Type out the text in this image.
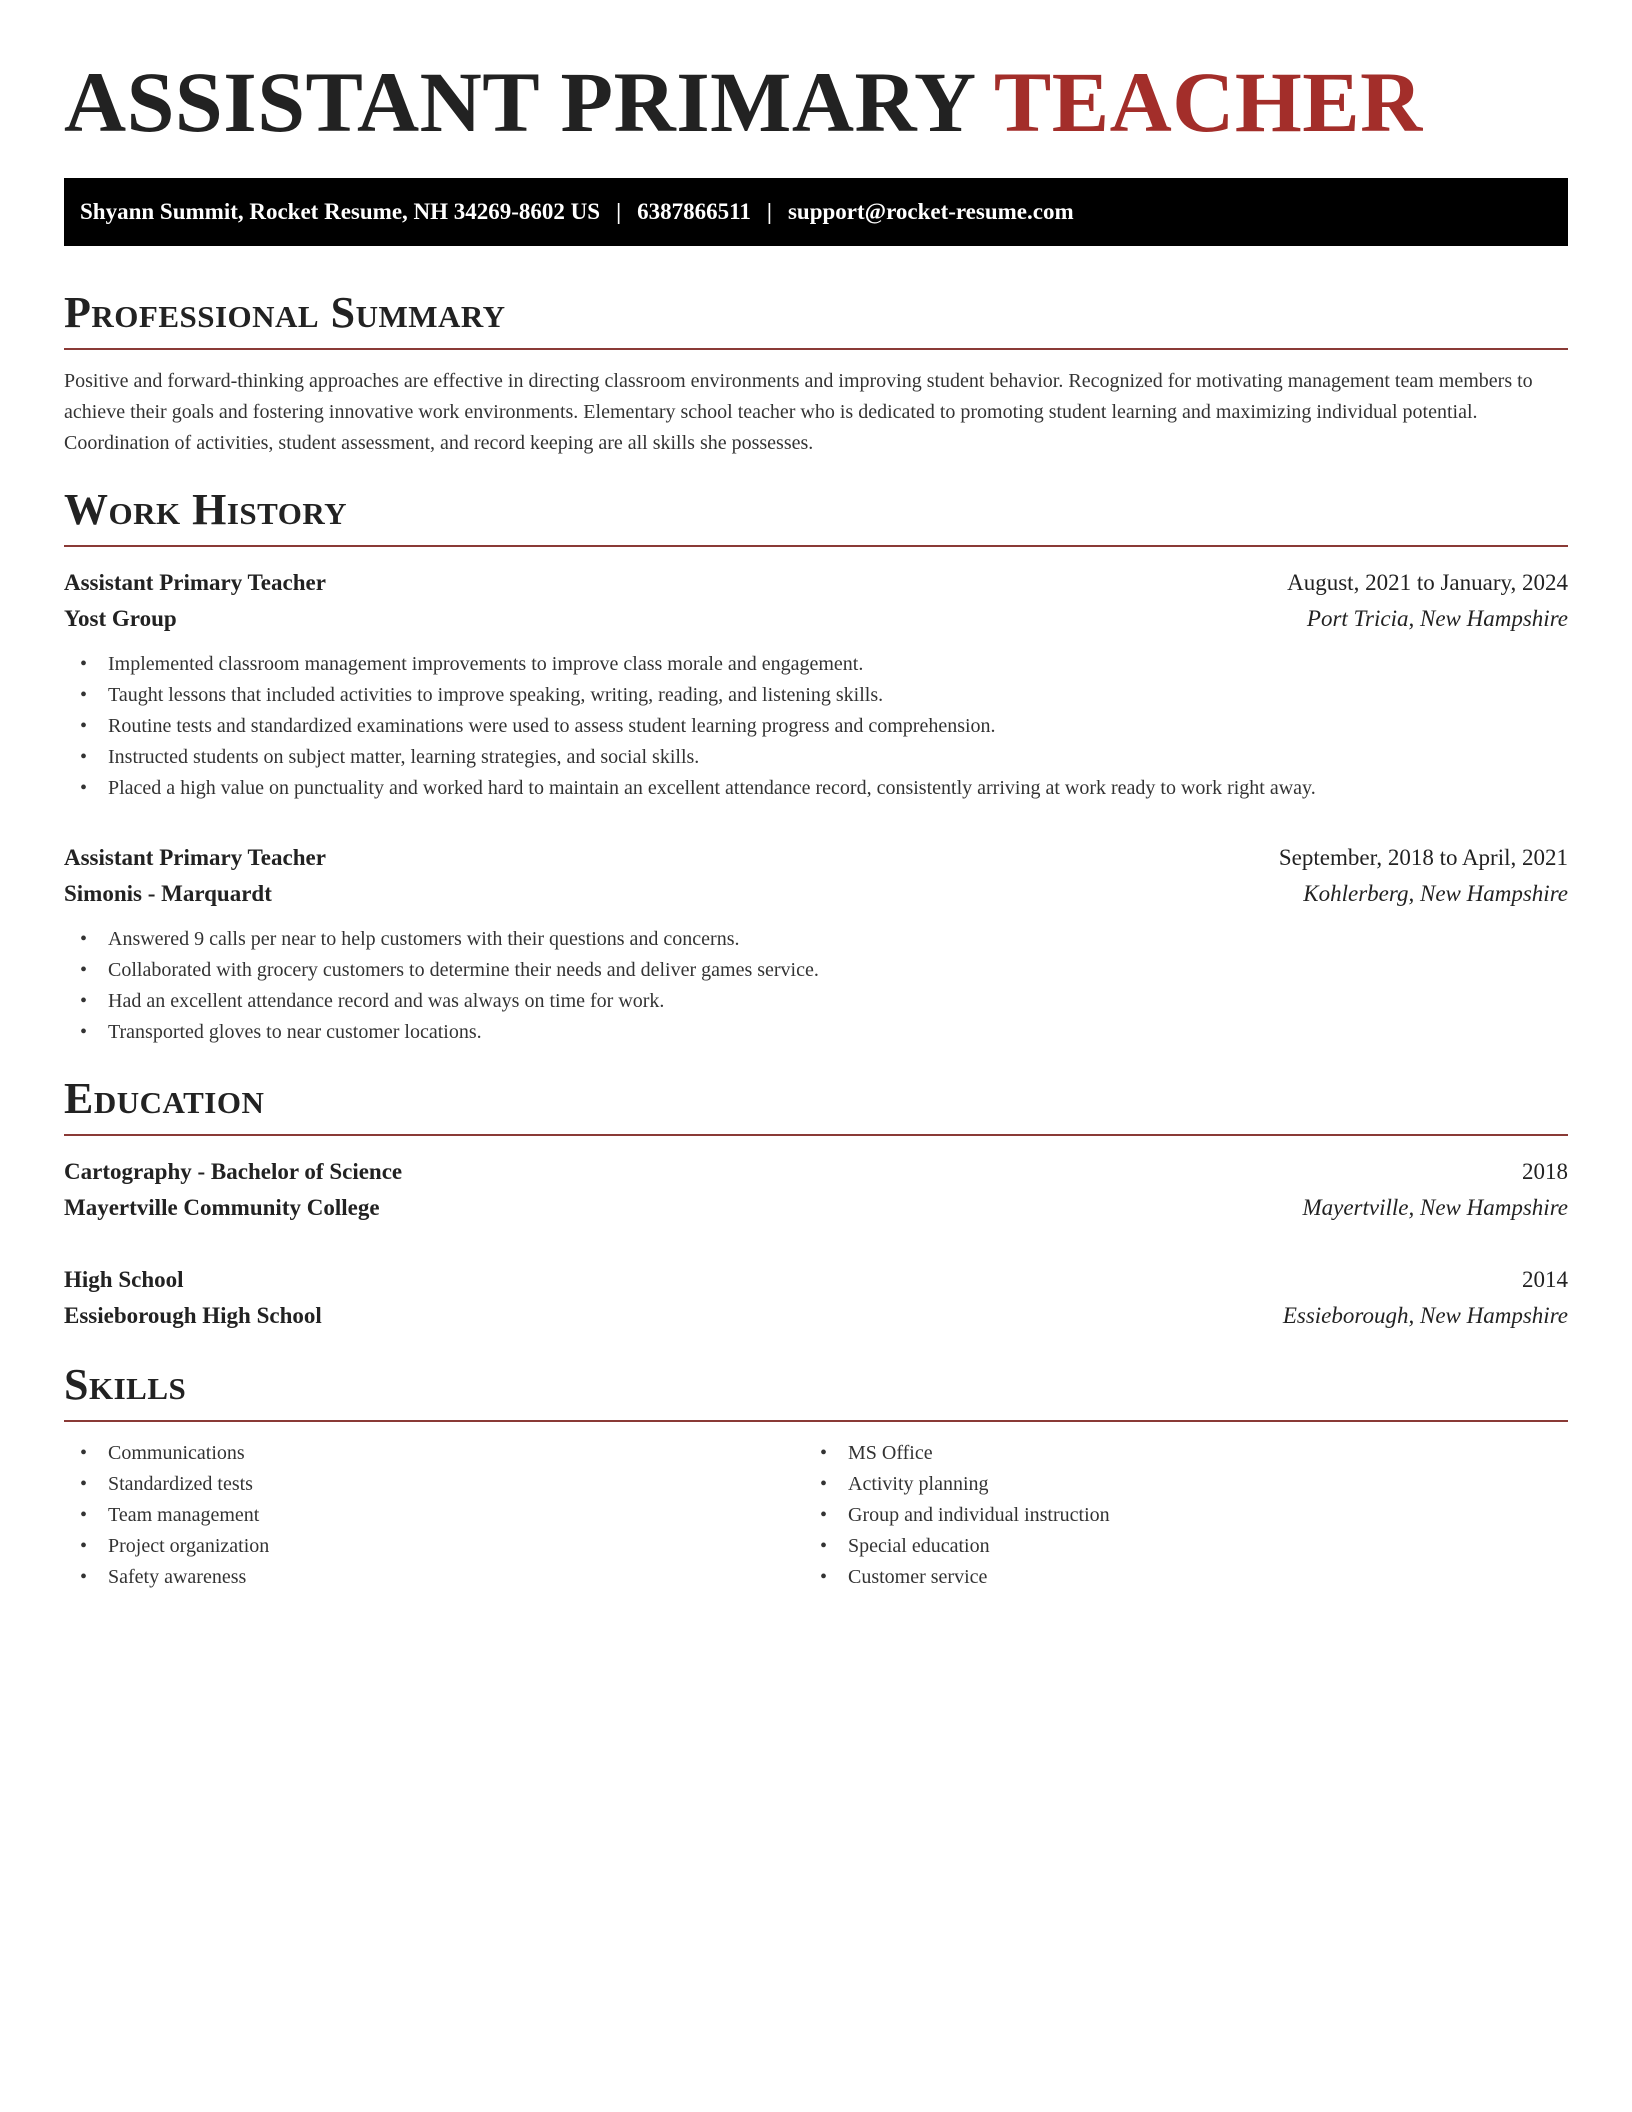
ASSISTANT PRIMARY TEACHER
Shyann Summit, Rocket Resume, NH 34269-8602 US | 6387866511 | support@rocket-resume.com
Professional Summary

Positive and forward-thinking approaches are effective in directing classroom environments and improving student behavior. Recognized for motivating management team members to achieve their goals and fostering innovative work environments. Elementary school teacher who is dedicated to promoting student learning and maximizing individual potential. Coordination of activities, student assessment, and record keeping are all skills she possesses.

Work History
Assistant Primary Teacher	August, 2021 to January, 2024
Yost Group	Port Tricia, New Hampshire
• Implemented classroom management improvements to improve class morale and engagement.
• Taught lessons that included activities to improve speaking, writing, reading, and listening skills.
• Routine tests and standardized examinations were used to assess student learning progress and comprehension.
• Instructed students on subject matter, learning strategies, and social skills.
• Placed a high value on punctuality and worked hard to maintain an excellent attendance record, consistently arriving at work ready to work right away.
Assistant Primary Teacher	September, 2018 to April, 2021
Simonis - Marquardt	Kohlerberg, New Hampshire
• Answered 9 calls per near to help customers with their questions and concerns.
• Collaborated with grocery customers to determine their needs and deliver games service.
• Had an excellent attendance record and was always on time for work.
• Transported gloves to near customer locations.
Education
Cartography - Bachelor of Science	2018
Mayertville Community College	Mayertville, New Hampshire
High School	2014
Essieborough High School	Essieborough, New Hampshire
Skills
• Communications
• Standardized tests
• Team management
• Project organization
• Safety awareness
• MS Office
• Activity planning
• Group and individual instruction
• Special education
• Customer service
